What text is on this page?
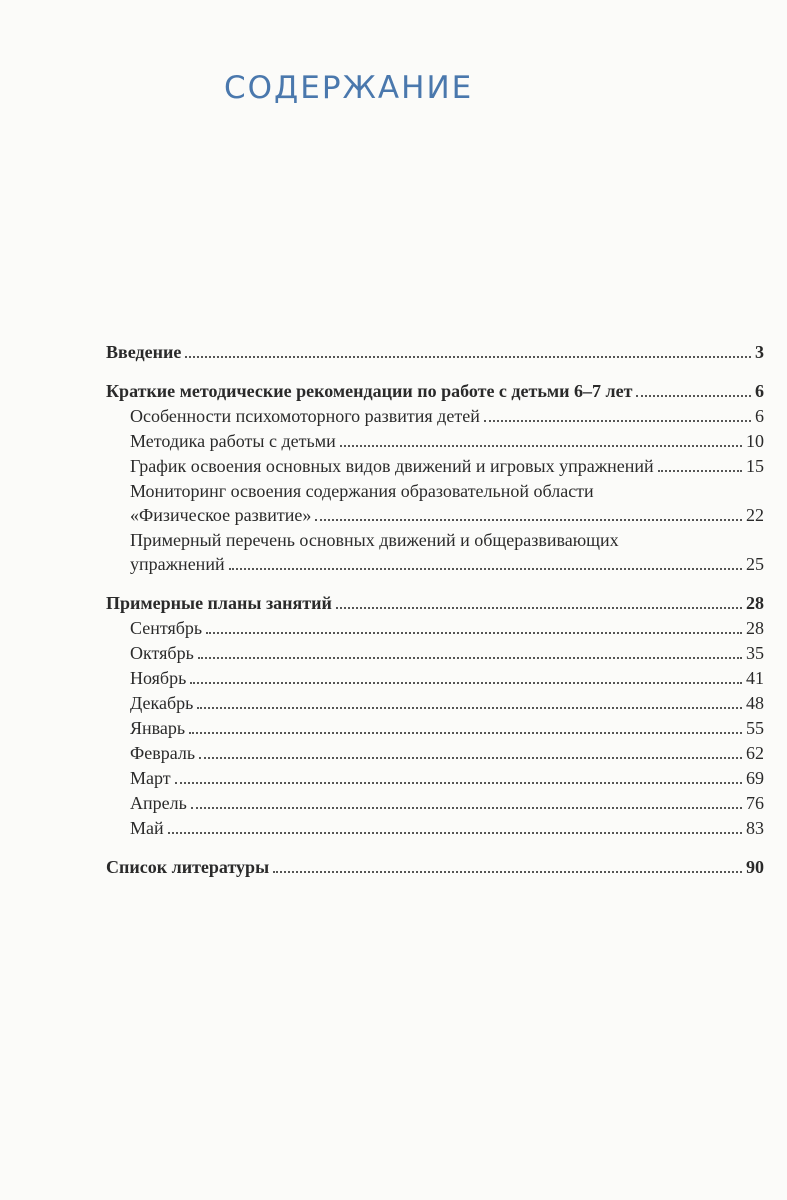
СОДЕРЖАНИЕ
Введение	3
Краткие методические рекомендации по работе с детьми 6–7 лет	6
Особенности психомоторного развития детей	6
Методика работы с детьми	10
График освоения основных видов движений и игровых упражнений	15
Мониторинг освоения содержания образовательной области
«Физическое развитие»	22
Примерный перечень основных движений и общеразвивающих
упражнений	25
Примерные планы занятий	28
Сентябрь	28
Октябрь	35
Ноябрь	41
Декабрь	48
Январь	55
Февраль	62
Март	69
Апрель	76
Май	83
Список литературы	90
